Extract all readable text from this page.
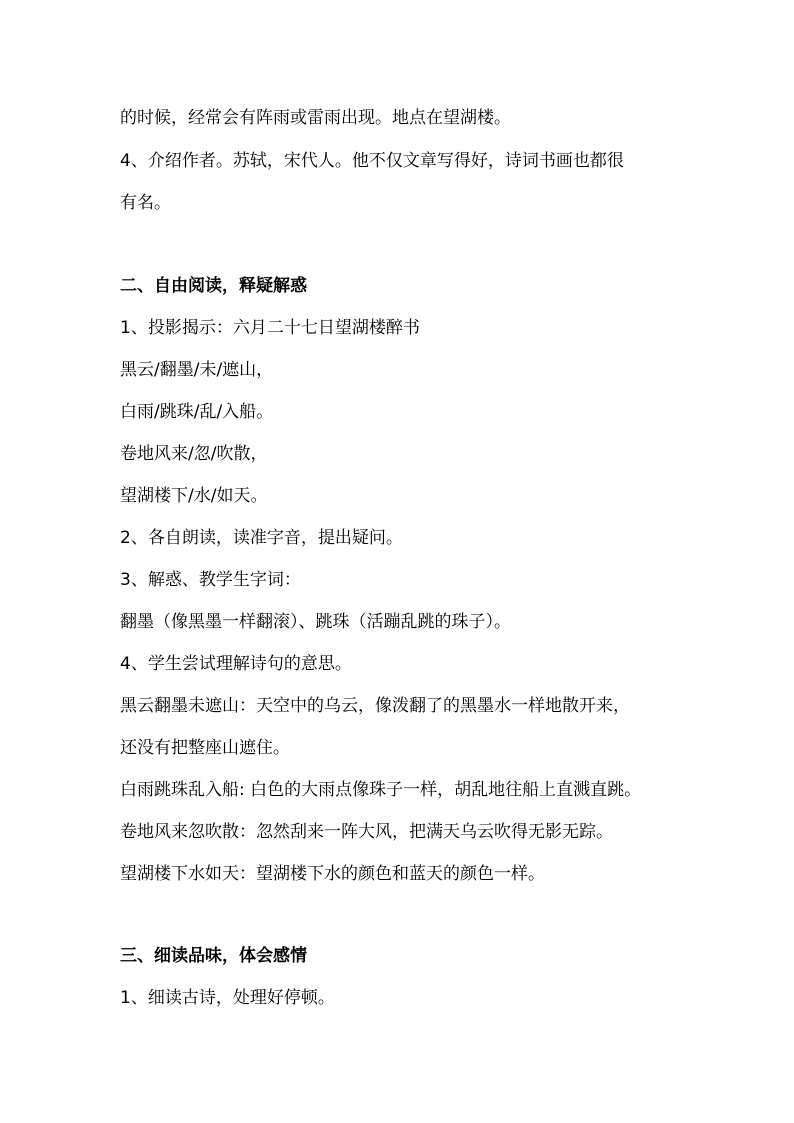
的时候，经常会有阵雨或雷雨出现。地点在望湖楼。
4、介绍作者。苏轼，宋代人。他不仅文章写得好，诗词书画也都很
有名。
二、自由阅读，释疑解惑
1、投影揭示：六月二十七日望湖楼醉书
黑云/翻墨/未/遮山，
白雨/跳珠/乱/入船。
卷地风来/忽/吹散，
望湖楼下/水/如天。
2、各自朗读，读准字音，提出疑问。
3、解惑、教学生字词：
翻墨（像黑墨一样翻滚）、跳珠（活蹦乱跳的珠子）。
4、学生尝试理解诗句的意思。
黑云翻墨未遮山：天空中的乌云，像泼翻了的黑墨水一样地散开来，
还没有把整座山遮住。
白雨跳珠乱入船: 白色的大雨点像珠子一样，胡乱地往船上直溅直跳。
卷地风来忽吹散：忽然刮来一阵大风，把满天乌云吹得无影无踪。
望湖楼下水如天：望湖楼下水的颜色和蓝天的颜色一样。
三、细读品味，体会感情
1、细读古诗，处理好停顿。
